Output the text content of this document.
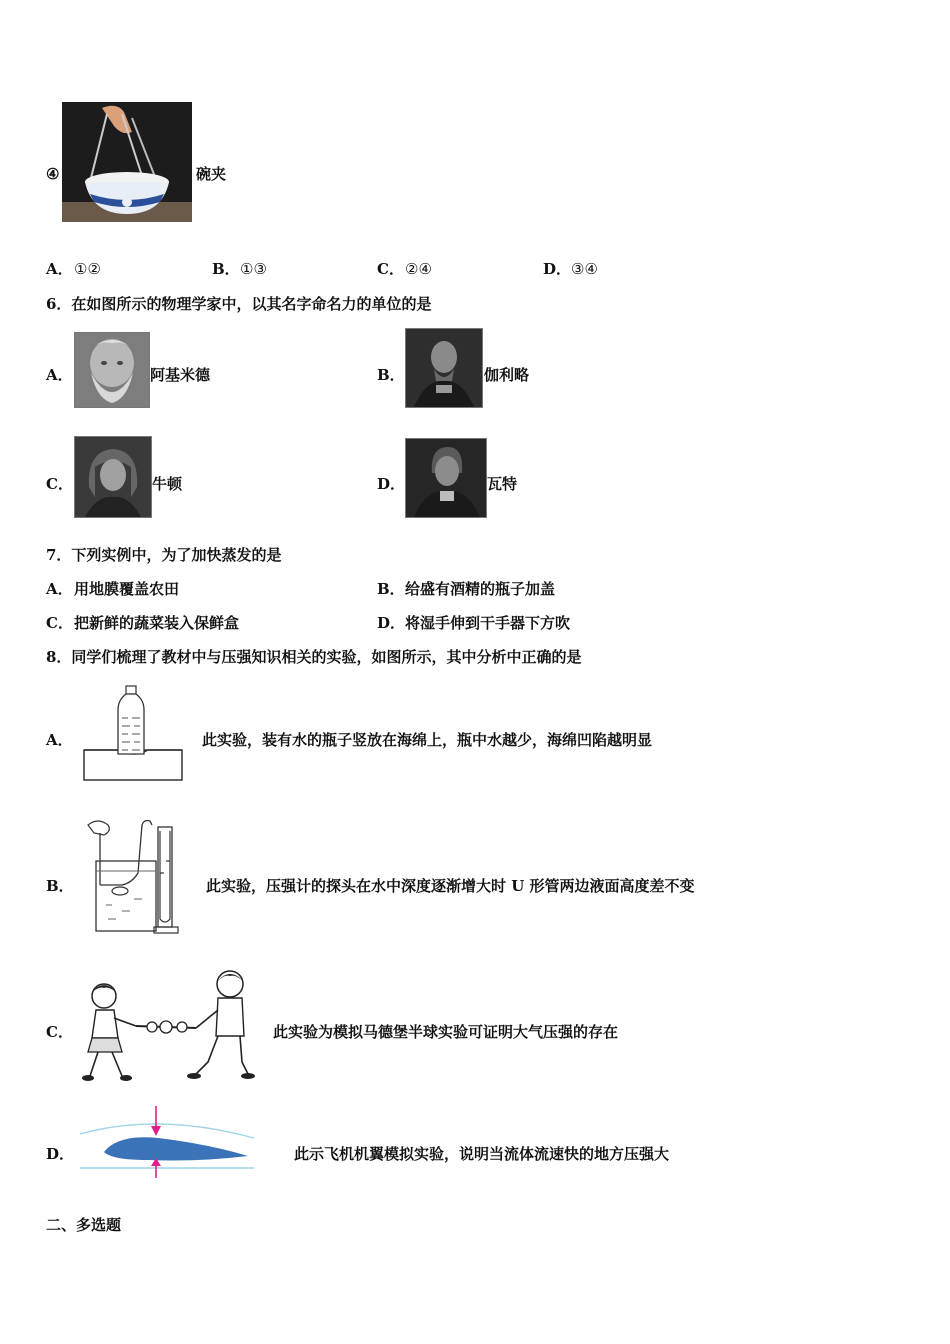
④	碗夹
A． ①②	B． ①③	C． ②④	D． ③④
6．在如图所示的物理学家中，以其名字命名力的单位的是
A．	阿基米德	B．	伽利略
C．	牛顿	D．	瓦特
7．下列实例中，为了加快蒸发的是
A． 用地膜覆盖农田	B． 给盛有酒精的瓶子加盖
C． 把新鲜的蔬菜装入保鲜盒	D． 将湿手伸到干手器下方吹
8．同学们梳理了教材中与压强知识相关的实验，如图所示，其中分析中正确的是
A．	此实验，装有水的瓶子竖放在海绵上，瓶中水越少，海绵凹陷越明显
B．	此实验，压强计的探头在水中深度逐渐增大时 U 形管两边液面高度差不变
C．	此实验为模拟马德堡半球实验可证明大气压强的存在
D．	此示飞机机翼模拟实验，说明当流体流速快的地方压强大
二、多选题
